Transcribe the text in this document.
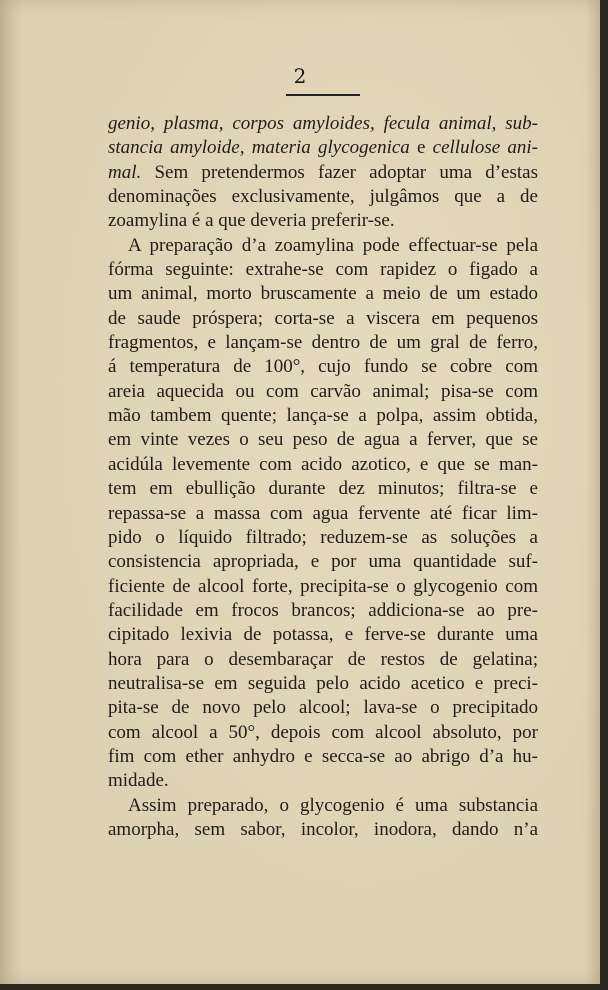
2
genio, plasma, corpos amyloides, fecula animal, sub-
stancia amyloide, materia glycogenica e cellulose ani-
mal. Sem pretendermos fazer adoptar uma d’estas
denominações exclusivamente, julgâmos que a de
zoamylina é a que deveria preferir-se.
A preparação d’a zoamylina pode effectuar-se pela
fórma seguinte: extrahe-se com rapidez o figado a
um animal, morto bruscamente a meio de um estado
de saude próspera; corta-se a viscera em pequenos
fragmentos, e lançam-se dentro de um gral de ferro,
á temperatura de 100°, cujo fundo se cobre com
areia aquecida ou com carvão animal; pisa-se com
mão tambem quente; lança-se a polpa, assim obtida,
em vinte vezes o seu peso de agua a ferver, que se
acidúla levemente com acido azotico, e que se man-
tem em ebullição durante dez minutos; filtra-se e
repassa-se a massa com agua fervente até ficar lim-
pido o líquido filtrado; reduzem-se as soluções a
consistencia apropriada, e por uma quantidade suf-
ficiente de alcool forte, precipita-se o glycogenio com
facilidade em frocos brancos; addiciona-se ao pre-
cipitado lexivia de potassa, e ferve-se durante uma
hora para o desembaraçar de restos de gelatina;
neutralisa-se em seguida pelo acido acetico e preci-
pita-se de novo pelo alcool; lava-se o precipitado
com alcool a 50°, depois com alcool absoluto, por
fim com ether anhydro e secca-se ao abrigo d’a hu-
midade.
Assim preparado, o glycogenio é uma substancia
amorpha, sem sabor, incolor, inodora, dando n’a
